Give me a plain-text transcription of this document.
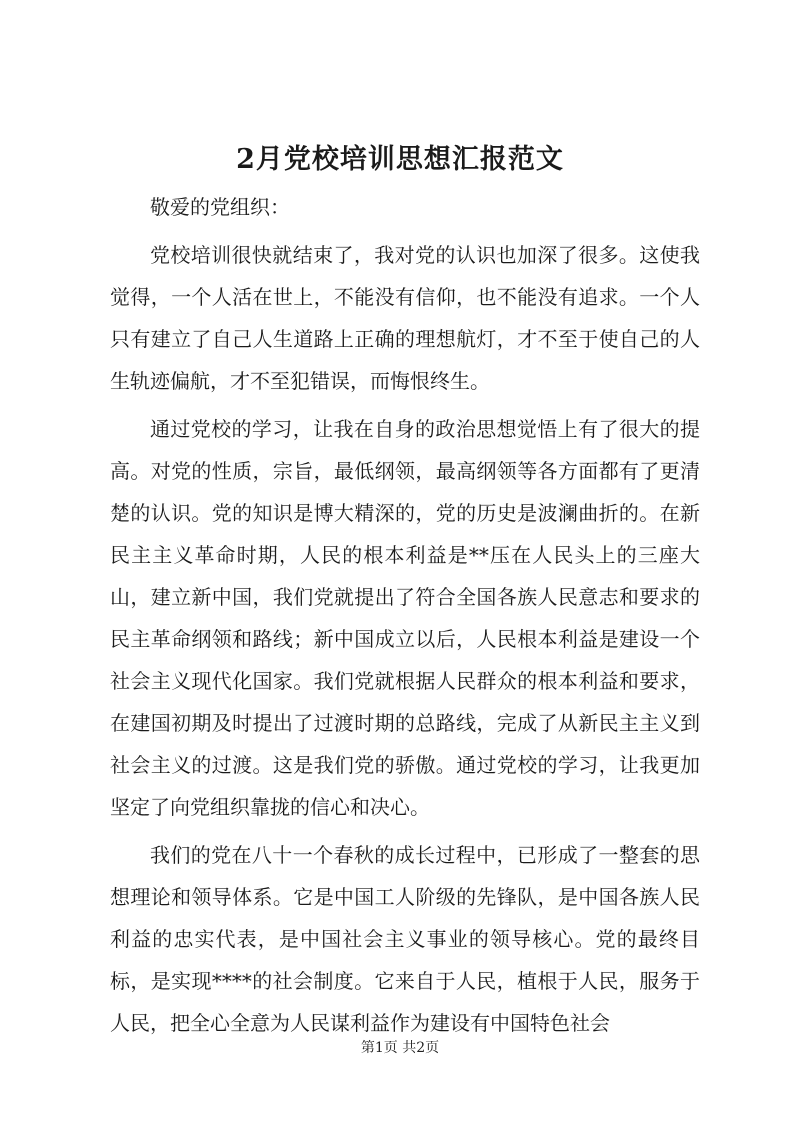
2月党校培训思想汇报范文

敬爱的党组织：

党校培训很快就结束了，我对党的认识也加深了很多。这使我觉得，一个人活在世上，不能没有信仰，也不能没有追求。一个人只有建立了自己人生道路上正确的理想航灯，才不至于使自己的人生轨迹偏航，才不至犯错误，而悔恨终生。

通过党校的学习，让我在自身的政治思想觉悟上有了很大的提高。对党的性质，宗旨，最低纲领，最高纲领等各方面都有了更清楚的认识。党的知识是博大精深的，党的历史是波澜曲折的。在新民主主义革命时期，人民的根本利益是**压在人民头上的三座大山，建立新中国，我们党就提出了符合全国各族人民意志和要求的民主革命纲领和路线；新中国成立以后，人民根本利益是建设一个社会主义现代化国家。我们党就根据人民群众的根本利益和要求，在建国初期及时提出了过渡时期的总路线，完成了从新民主主义到社会主义的过渡。这是我们党的骄傲。通过党校的学习，让我更加坚定了向党组织靠拢的信心和决心。

我们的党在八十一个春秋的成长过程中，已形成了一整套的思想理论和领导体系。它是中国工人阶级的先锋队，是中国各族人民利益的忠实代表，是中国社会主义事业的领导核心。党的最终目标，是实现****的社会制度。它来自于人民，植根于人民，服务于人民，把全心全意为人民谋利益作为建设有中国特色社会

第1页 共2页
